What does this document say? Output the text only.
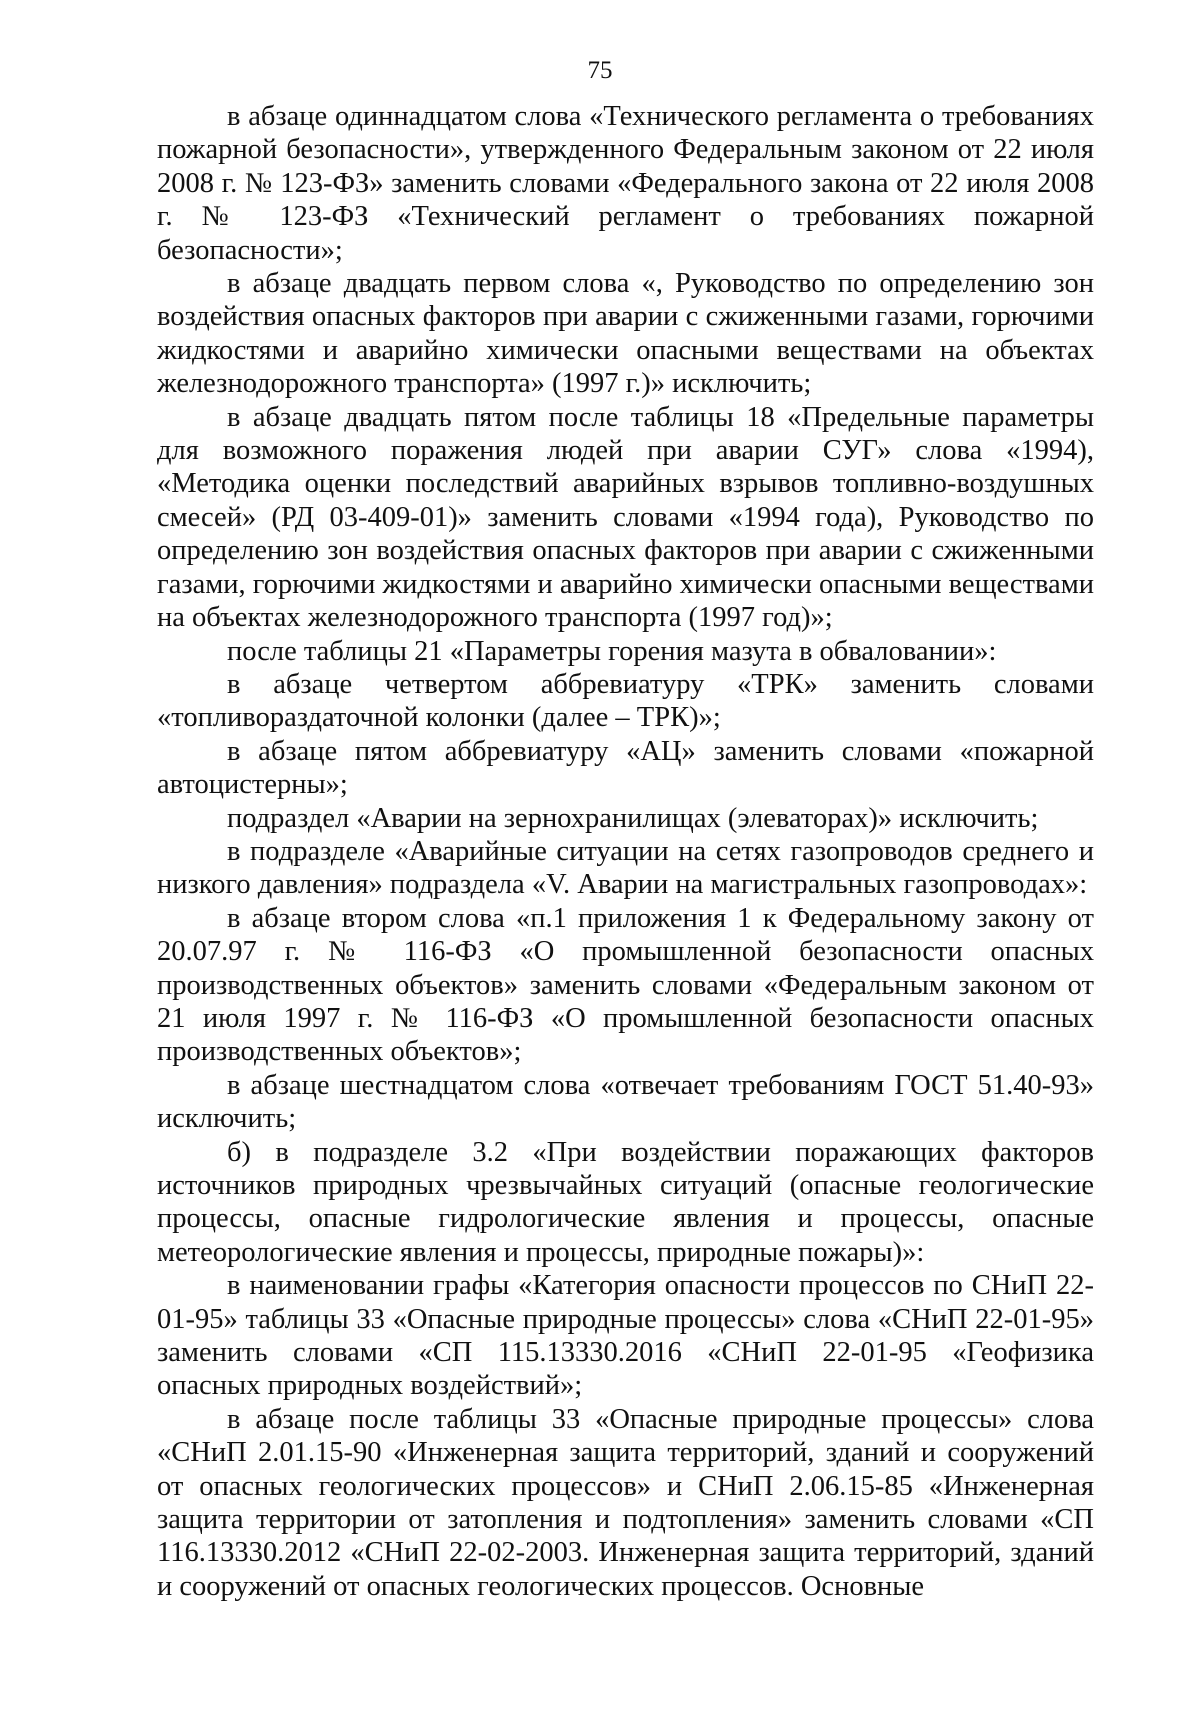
75

в абзаце одиннадцатом слова «Технического регламента о требованиях пожарной безопасности», утвержденного Федеральным законом от 22 июля 2008 г. № 123-ФЗ» заменить словами «Федерального закона от 22 июля 2008 г. № 123-ФЗ «Технический регламент о требованиях пожарной безопасности»;

в абзаце двадцать первом слова «, Руководство по определению зон воздействия опасных факторов при аварии с сжиженными газами, горючими жидкостями и аварийно химически опасными веществами на объектах железнодорожного транспорта» (1997 г.)» исключить;

в абзаце двадцать пятом после таблицы 18 «Предельные параметры для возможного поражения людей при аварии СУГ» слова «1994), «Методика оценки последствий аварийных взрывов топливно-воздушных смесей» (РД 03-409-01)» заменить словами «1994 года), Руководство по определению зон воздействия опасных факторов при аварии с сжиженными газами, горючими жидкостями и аварийно химически опасными веществами на объектах железнодорожного транспорта (1997 год)»;

после таблицы 21 «Параметры горения мазута в обваловании»:

в абзаце четвертом аббревиатуру «ТРК» заменить словами «топливораздаточной колонки (далее – ТРК)»;

в абзаце пятом аббревиатуру «АЦ» заменить словами «пожарной автоцистерны»;

подраздел «Аварии на зернохранилищах (элеваторах)» исключить;

в подразделе «Аварийные ситуации на сетях газопроводов среднего и низкого давления» подраздела «V. Аварии на магистральных газопроводах»:

в абзаце втором слова «п.1 приложения 1 к Федеральному закону от 20.07.97 г. № 116-ФЗ «О промышленной безопасности опасных производственных объектов» заменить словами «Федеральным законом от 21 июля 1997 г. № 116-ФЗ «О промышленной безопасности опасных производственных объектов»;

в абзаце шестнадцатом слова «отвечает требованиям ГОСТ 51.40-93» исключить;

б) в подразделе 3.2 «При воздействии поражающих факторов источников природных чрезвычайных ситуаций (опасные геологические процессы, опасные гидрологические явления и процессы, опасные метеорологические явления и процессы, природные пожары)»:

в наименовании графы «Категория опасности процессов по СНиП 22-01-95» таблицы 33 «Опасные природные процессы» слова «СНиП 22-01-95» заменить словами «СП 115.13330.2016 «СНиП 22-01-95 «Геофизика опасных природных воздействий»;

в абзаце после таблицы 33 «Опасные природные процессы» слова «СНиП 2.01.15-90 «Инженерная защита территорий, зданий и сооружений от опасных геологических процессов» и СНиП 2.06.15-85 «Инженерная защита территории от затопления и подтопления» заменить словами «СП 116.13330.2012 «СНиП 22-02-2003. Инженерная защита территорий, зданий и сооружений от опасных геологических процессов. Основные
